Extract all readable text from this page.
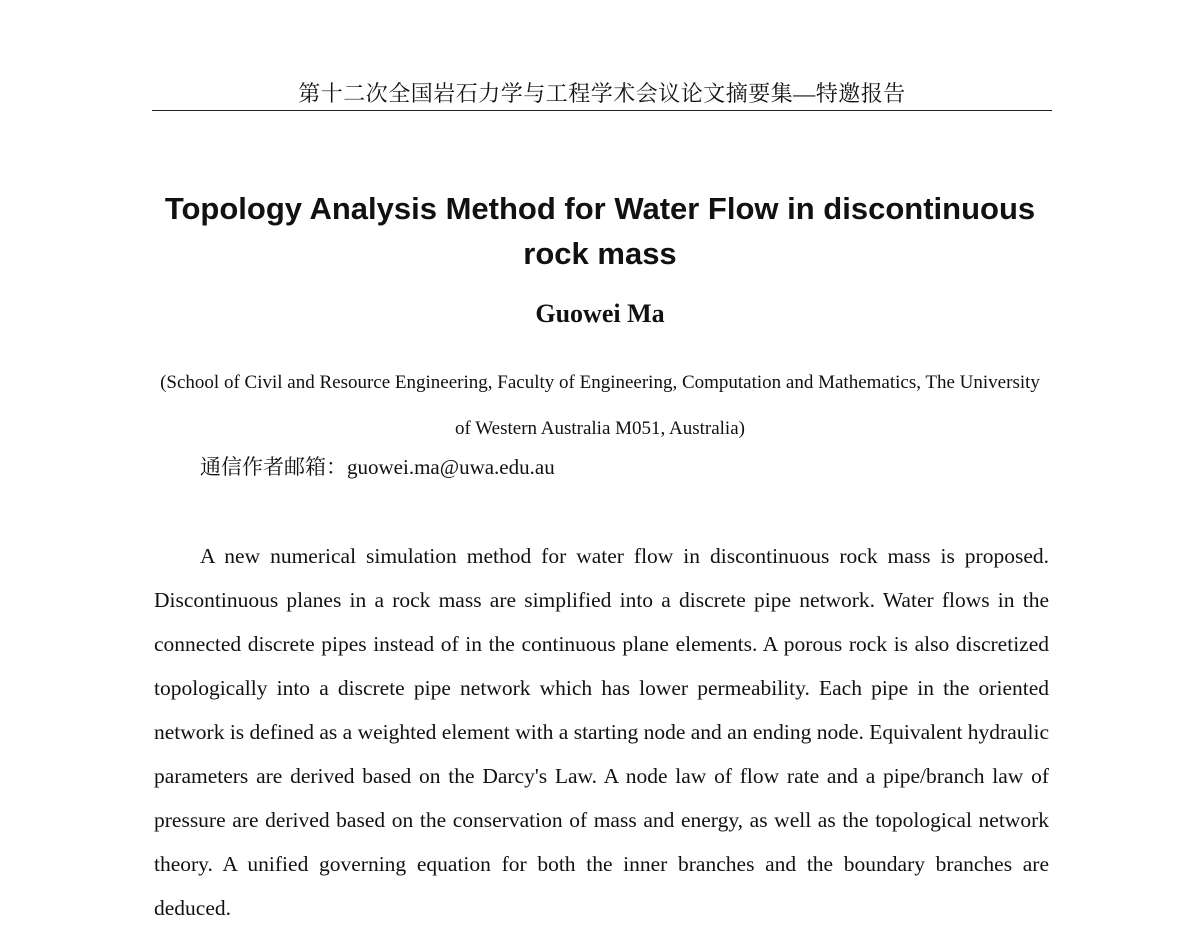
第十二次全国岩石力学与工程学术会议论文摘要集—特邀报告
Topology Analysis Method for Water Flow in discontinuous rock mass
Guowei Ma
(School of Civil and Resource Engineering, Faculty of Engineering, Computation and Mathematics, The University of Western Australia M051, Australia)
通信作者邮箱：guowei.ma@uwa.edu.au

A new numerical simulation method for water flow in discontinuous rock mass is proposed. Discontinuous planes in a rock mass are simplified into a discrete pipe network. Water flows in the connected discrete pipes instead of in the continuous plane elements. A porous rock is also discretized topologically into a discrete pipe network which has lower permeability. Each pipe in the oriented network is defined as a weighted element with a starting node and an ending node. Equivalent hydraulic parameters are derived based on the Darcy's Law. A node law of flow rate and a pipe/branch law of pressure are derived based on the conservation of mass and energy, as well as the topological network theory. A unified governing equation for both the inner branches and the boundary branches are deduced.
